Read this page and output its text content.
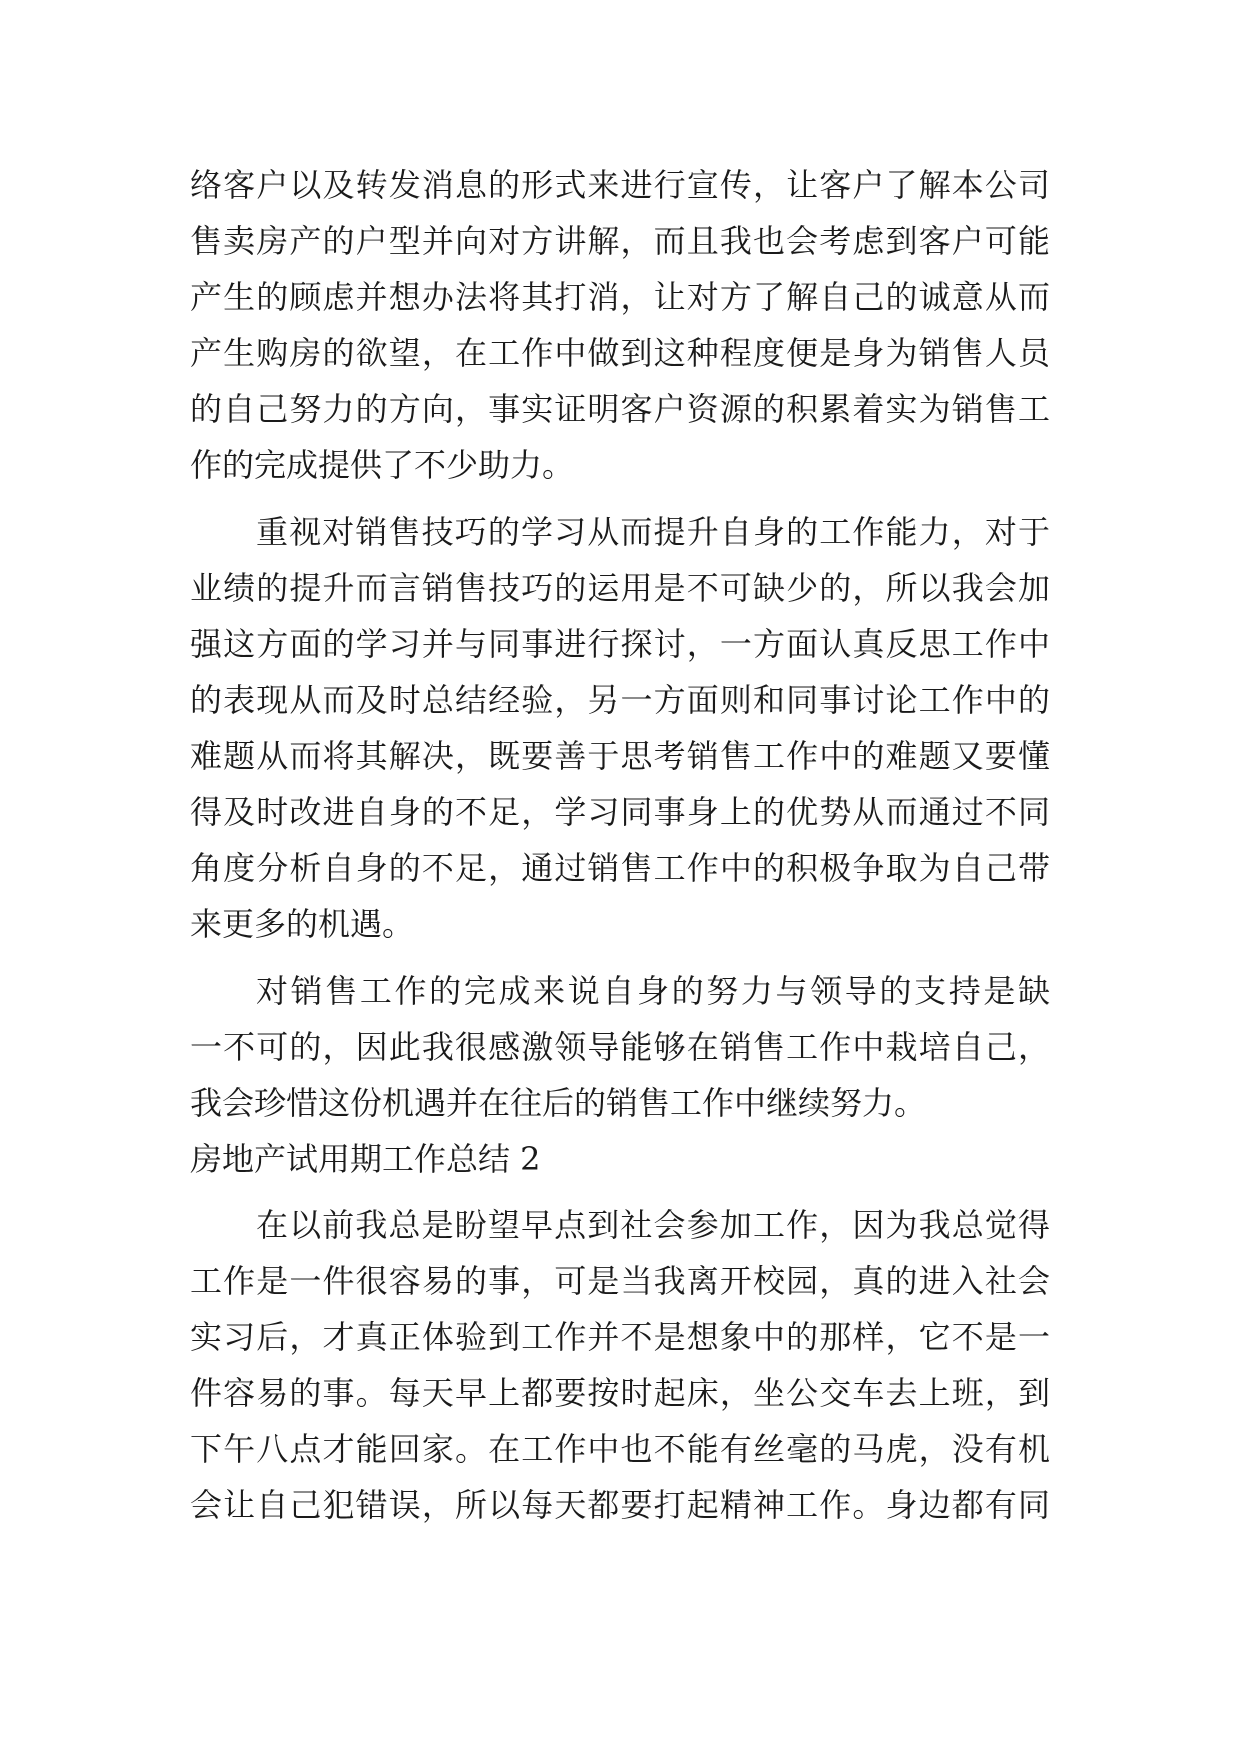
络客户以及转发消息的形式来进行宣传，让客户了解本公司
售卖房产的户型并向对方讲解，而且我也会考虑到客户可能
产生的顾虑并想办法将其打消，让对方了解自己的诚意从而
产生购房的欲望，在工作中做到这种程度便是身为销售人员
的自己努力的方向，事实证明客户资源的积累着实为销售工
作的完成提供了不少助力。
重视对销售技巧的学习从而提升自身的工作能力，对于
业绩的提升而言销售技巧的运用是不可缺少的，所以我会加
强这方面的学习并与同事进行探讨，一方面认真反思工作中
的表现从而及时总结经验，另一方面则和同事讨论工作中的
难题从而将其解决，既要善于思考销售工作中的难题又要懂
得及时改进自身的不足，学习同事身上的优势从而通过不同
角度分析自身的不足，通过销售工作中的积极争取为自己带
来更多的机遇。
对销售工作的完成来说自身的努力与领导的支持是缺
一不可的，因此我很感激领导能够在销售工作中栽培自己，
我会珍惜这份机遇并在往后的销售工作中继续努力。
房地产试用期工作总结 2
在以前我总是盼望早点到社会参加工作，因为我总觉得
工作是一件很容易的事，可是当我离开校园，真的进入社会
实习后，才真正体验到工作并不是想象中的那样，它不是一
件容易的事。每天早上都要按时起床，坐公交车去上班，到
下午八点才能回家。在工作中也不能有丝毫的马虎，没有机
会让自己犯错误，所以每天都要打起精神工作。身边都有同
